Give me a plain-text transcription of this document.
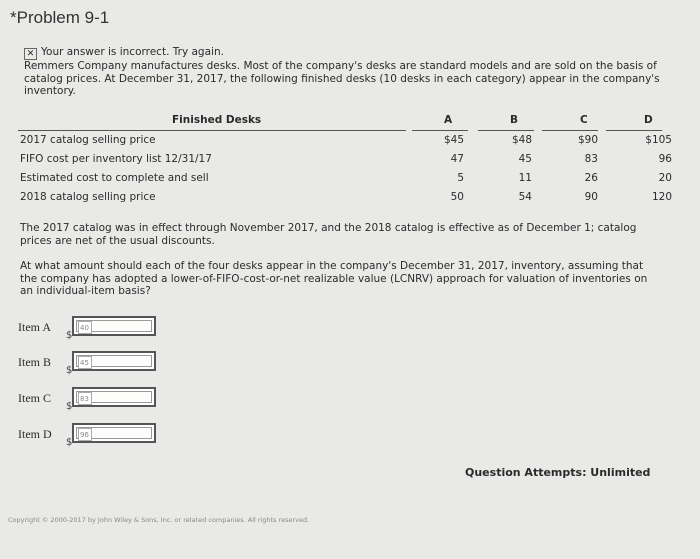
*Problem 9-1
✕ Your answer is incorrect. Try again.
Remmers Company manufactures desks. Most of the company's desks are standard models and are sold on the basis of catalog prices. At December 31, 2017, the following finished desks (10 desks in each category) appear in the company's inventory.
Finished Desks	A	B	C	D
2017 catalog selling price	$45	$48	$90	$105
FIFO cost per inventory list 12/31/17	47	45	83	96
Estimated cost to complete and sell	5	11	26	20
2018 catalog selling price	50	54	90	120
The 2017 catalog was in effect through November 2017, and the 2018 catalog is effective as of December 1; catalog prices are net of the usual discounts.
At what amount should each of the four desks appear in the company's December 31, 2017, inventory, assuming that the company has adopted a lower-of-FIFO-cost-or-net realizable value (LCNRV) approach for valuation of inventories on an individual-item basis?
Item A
$
40
Item B
$
45
Item C
$
83
Item D
$
96
Question Attempts: Unlimited
Copyright © 2000-2017 by John Wiley & Sons, Inc. or related companies. All rights reserved.
